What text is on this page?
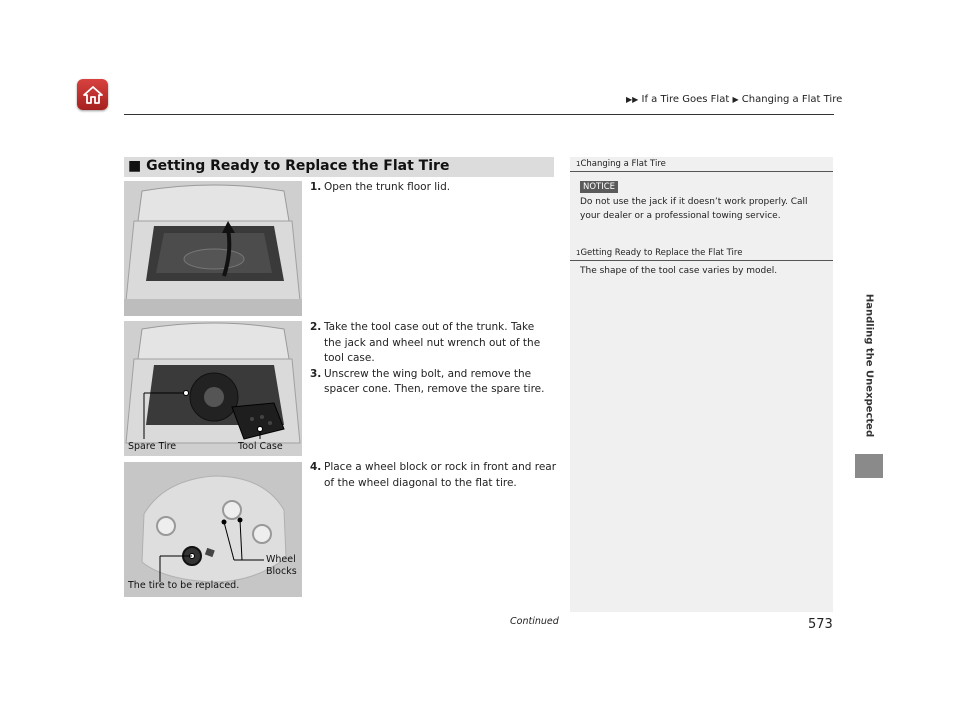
▶▶ If a Tire Goes Flat ▶ Changing a Flat Tire
Handling the Unexpected
■ Getting Ready to Replace the Flat Tire
Spare Tire	Tool Case
Wheel
Blocks
The tire to be replaced.
1. Open the trunk floor lid.
2. Take the tool case out of the trunk. Take the jack and wheel nut wrench out of the tool case.
3. Unscrew the wing bolt, and remove the spacer cone. Then, remove the spare tire.
4. Place a wheel block or rock in front and rear of the wheel diagonal to the flat tire.
1Changing a Flat Tire
NOTICE
Do not use the jack if it doesn’t work properly. Call your dealer or a professional towing service.
1Getting Ready to Replace the Flat Tire
The shape of the tool case varies by model.
Continued	573
